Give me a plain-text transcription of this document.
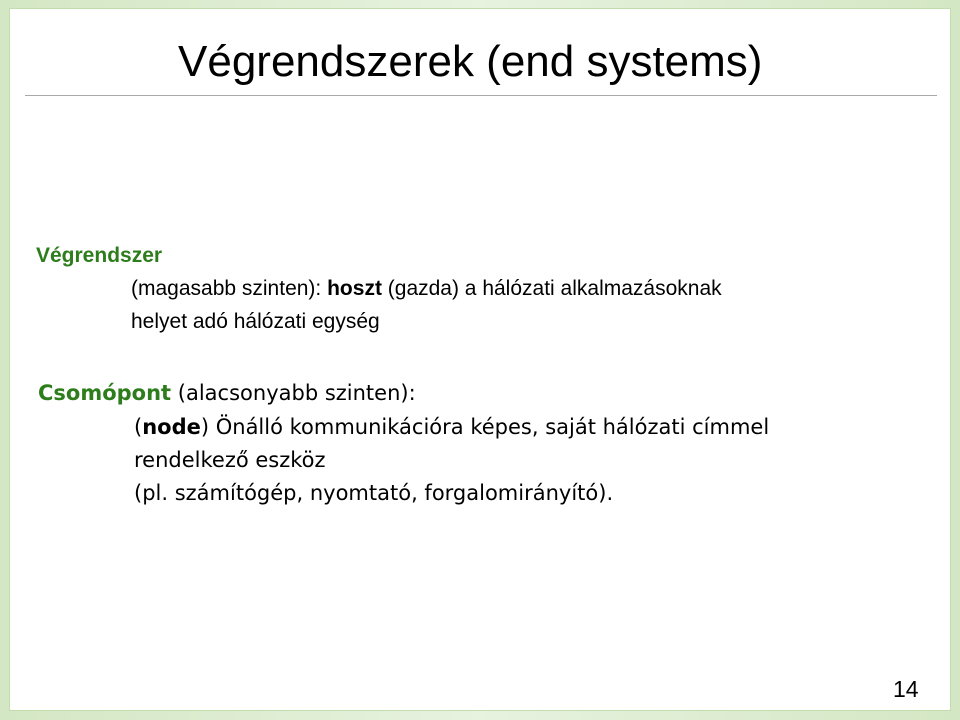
Végrendszerek (end systems)
Végrendszer
(magasabb szinten): hoszt (gazda) a hálózati alkalmazásoknak
helyet adó hálózati egység
Csomópont (alacsonyabb szinten):
(node) Önálló kommunikációra képes, saját hálózati címmel
rendelkező eszköz
(pl. számítógép, nyomtató, forgalomirányító).
14
